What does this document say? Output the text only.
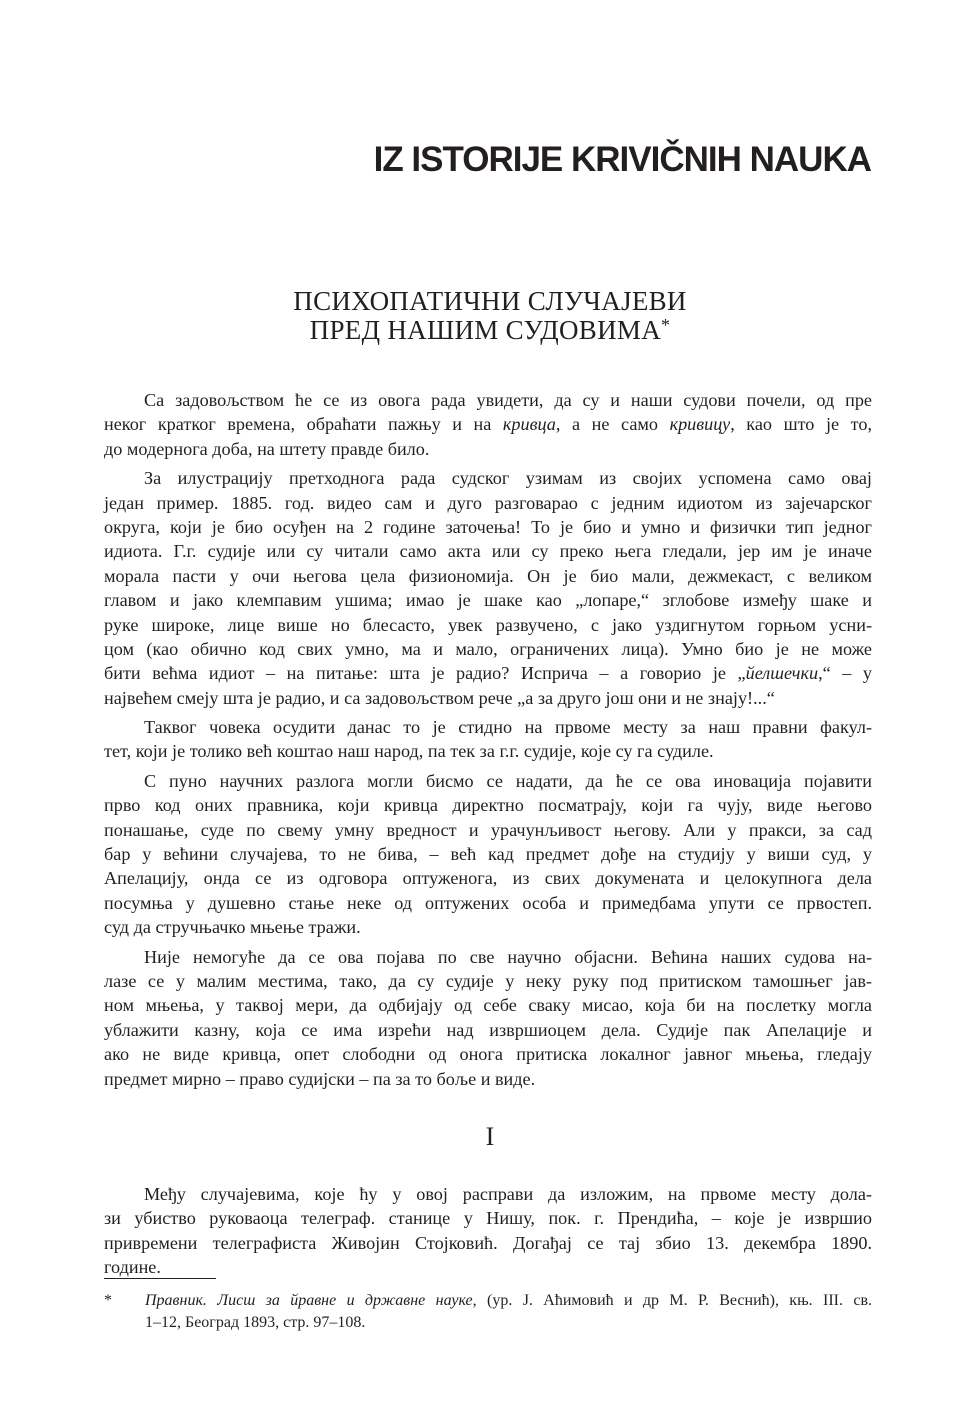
IZ ISTORIJE KRIVIČNIH NAUKA
ПСИХОПАТИЧНИ СЛУЧАЈЕВИ
ПРЕД НАШИМ СУДОВИМА*
Са задовољством ће се из овога рада увидети, да су и наши судови почели, од пре
неког кратког времена, обраћати пажњу и на кривца, а не само кривицу, као што је то,
до модернога доба, на штету правде било.
За илустрацију претходнога рада судског узимам из својих успомена само овај
један пример. 1885. год. видео сам и дуго разговарао с једним идиотом из зајечарског
округа, који је био осуђен на 2 године заточења! То је био и умно и физички тип једног
идиота. Г.г. судије или су читали само акта или су преко њега гледали, јер им је иначе
морала пасти у очи његова цела физиономија. Он је био мали, дежмекаст, с великом
главом и јако клемпавим ушима; имао је шаке као „лопаре,“ зглобове између шаке и
руке широке, лице више но блесасто, увек развучено, с јако уздигнутом горњом усни-
цом (као обично код свих умно, ма и мало, ограничених лица). Умно био је не може
бити већма идиот – на питање: шта је радио? Исприча – а говорио је „йелшечки,“ – у
највећем смеју шта је радио, и са задовољством рече „а за друго још они и не знају!...“
Таквог човека осудити данас то је стидно на првоме месту за наш правни факул-
тет, који је толико већ коштао наш народ, па тек за г.г. судије, које су га судиле.
С пуно научних разлога могли бисмо се надати, да ће се ова иновација појавити
прво код оних правника, који кривца директно посматрају, који га чују, виде његово
понашање, суде по свему умну вредност и урачунљивост његову. Али у пракси, за сад
бар у већини случајева, то не бива, – већ кад предмет дође на студију у виши суд, у
Апелацију, онда се из одговора оптуженога, из свих докумената и целокупнога дела
посумња у душевно стање неке од оптужених особа и примедбама упути се првостеп.
суд да стручњачко мњење тражи.
Није немогуће да се ова појава по све научно објасни. Већина наших судова на-
лазе се у малим местима, тако, да су судије у неку руку под притиском тамошњег јав-
ном мњења, у таквој мери, да одбијају од себе сваку мисао, која би на послетку могла
ублажити казну, која се има изрећи над извршиоцем дела. Судије пак Апелације и
ако не виде кривца, опет слободни од онога притиска локалног јавног мњења, гледају
предмет мирно – право судијски – па за то боље и виде.
I
Међу случајевима, које ћу у овој расправи да изложим, на првоме месту дола-
зи убиство руковаоца телеграф. станице у Нишу, пок. г. Прендића, – које је извршио
привремени телеграфиста Живојин Стојковић. Догађај се тај збио 13. декембра 1890.
године.
* Правник. Лисш за йравне и државне науке, (ур. Ј. Аћимовић и др М. Р. Веснић), књ. III. св.
1–12, Београд 1893, стр. 97–108.
